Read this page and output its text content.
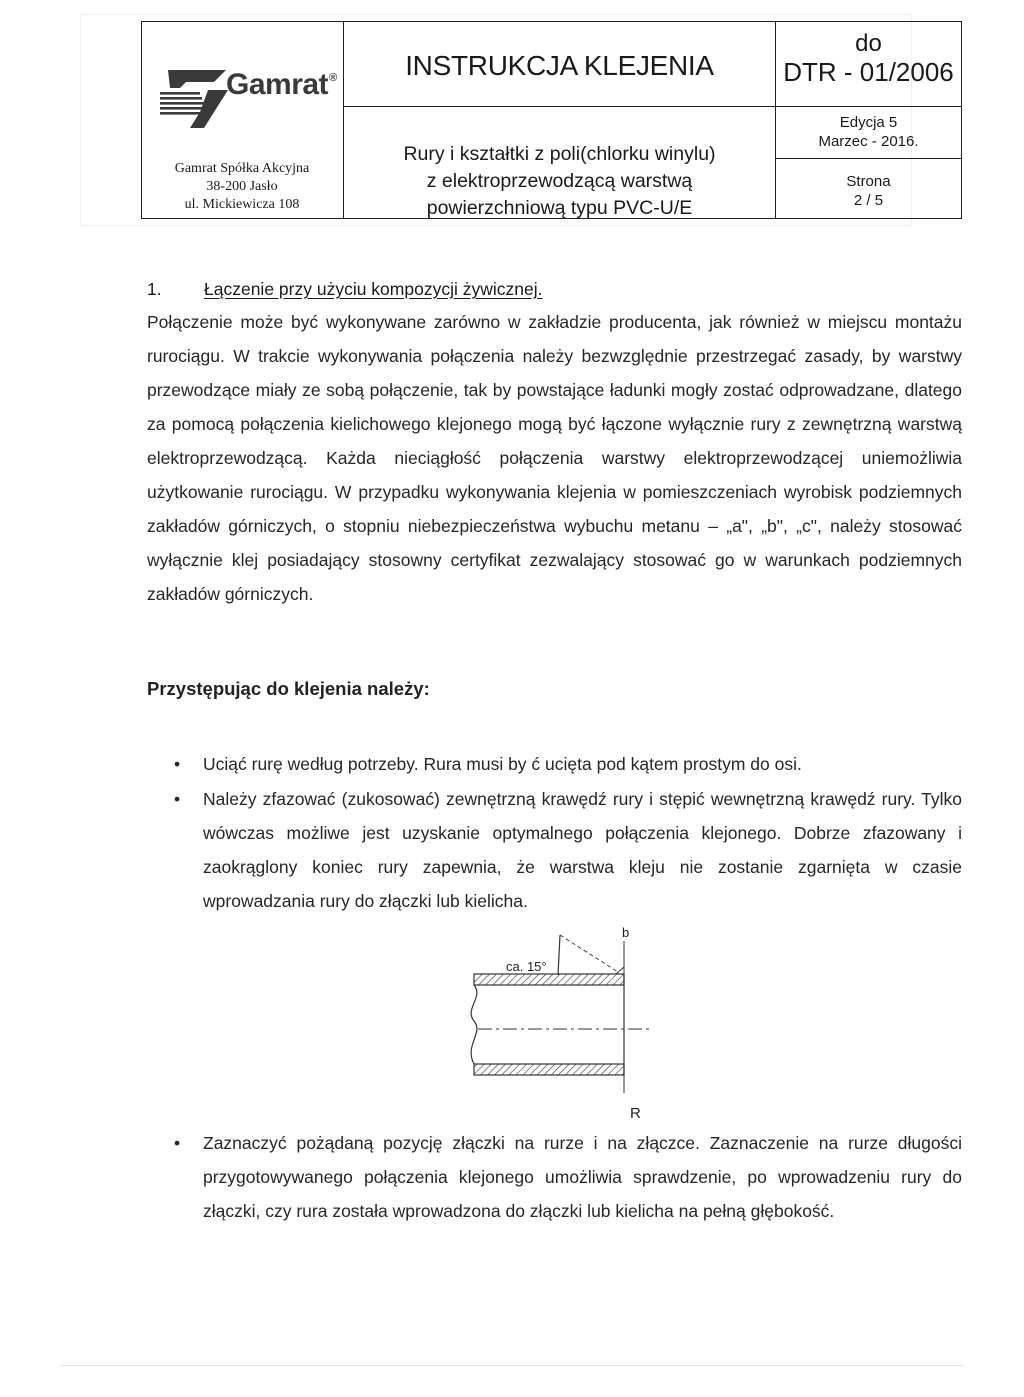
Gamrat®
Gamrat Spółka Akcyjna
38-200 Jasło
ul. Mickiewicza 108
INSTRUKCJA KLEJENIA
Rury i kształtki z poli(chlorku winylu)
z elektroprzewodzącą warstwą
powierzchniową typu PVC-U/E
do
DTR - 01/2006
Edycja 5
Marzec - 2016.
Strona
2 / 5
1. Łączenie przy użyciu kompozycji żywicznej.
Połączenie może być wykonywane zarówno w zakładzie producenta, jak również w miejscu montażu rurociągu. W trakcie wykonywania połączenia należy bezwzględnie przestrzegać zasady, by warstwy przewodzące miały ze sobą połączenie, tak by powstające ładunki mogły zostać odprowadzane, dlatego za pomocą połączenia kielichowego klejonego mogą być łączone wyłącznie rury z zewnętrzną warstwą elektroprzewodzącą. Każda nieciągłość połączenia warstwy elektroprzewodzącej uniemożliwia użytkowanie rurociągu. W przypadku wykonywania klejenia w pomieszczeniach wyrobisk podziemnych zakładów górniczych, o stopniu niebezpieczeństwa wybuchu metanu – „a", „b", „c", należy stosować wyłącznie klej posiadający stosowny certyfikat zezwalający stosować go w warunkach podziemnych zakładów górniczych.
Przystępując do klejenia należy:
• Uciąć rurę według potrzeby. Rura musi by ć ucięta pod kątem prostym do osi.
• Należy zfazować (zukosować) zewnętrzną krawędź rury i stępić wewnętrzną krawędź rury. Tylko wówczas możliwe jest uzyskanie optymalnego połączenia klejonego. Dobrze zfazowany i zaokrąglony koniec rury zapewnia, że warstwa kleju nie zostanie zgarnięta w czasie wprowadzania rury do złączki lub kielicha.
b
ca. 15°
R
• Zaznaczyć pożądaną pozycję złączki na rurze i na złączce. Zaznaczenie na rurze długości przygotowywanego połączenia klejonego umożliwia sprawdzenie, po wprowadzeniu rury do złączki, czy rura została wprowadzona do złączki lub kielicha na pełną głębokość.
